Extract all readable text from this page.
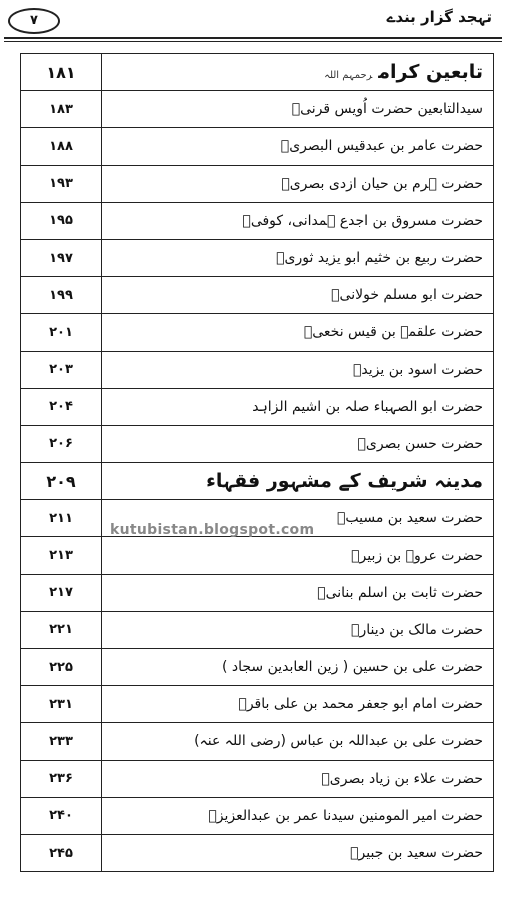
۷	تہجد گزار بندے
۱۸۱	تابعین کرامرحمہم اللہ
۱۸۳	سیدالتابعین حضرت اُویس قرنیؒ
۱۸۸	حضرت عامر بن عبدقیس البصریؒ
۱۹۳	حضرت ہرم بن حیان ازدی بصریؒ
۱۹۵	حضرت مسروق بن اجدع ہمدانی، کوفیؒ
۱۹۷	حضرت ربیع بن خثیم ابو یزید ثوریؒ
۱۹۹	حضرت ابو مسلم خولانیؒ
۲۰۱	حضرت علقمہ بن قیس نخعیؒ
۲۰۳	حضرت اسود بن یزیدؒ
۲۰۴	حضرت ابو الصہباء صلہ بن اشیم الزاہد
۲۰۶	حضرت حسن بصریؒ
۲۰۹	مدینہ شریف کے مشہور فقہاء
۲۱۱	حضرت سعید بن مسیبؒ
۲۱۳	حضرت عروہ بن زبیرؒ
۲۱۷	حضرت ثابت بن اسلم بنانیؒ
۲۲۱	حضرت مالک بن دینارؒ
۲۲۵	حضرت علی بن حسین ( زین العابدین سجاد )
۲۳۱	حضرت امام ابو جعفر محمد بن علی باقرؒ
۲۳۳	حضرت علی بن عبداللہ بن عباس (رضی اللہ عنہ)
۲۳۶	حضرت علاء بن زیاد بصریؒ
۲۴۰	حضرت امیر المومنین سیدنا عمر بن عبدالعزیزؒ
۲۴۵	حضرت سعید بن جبیرؒ
kutubistan.blogspot.com
